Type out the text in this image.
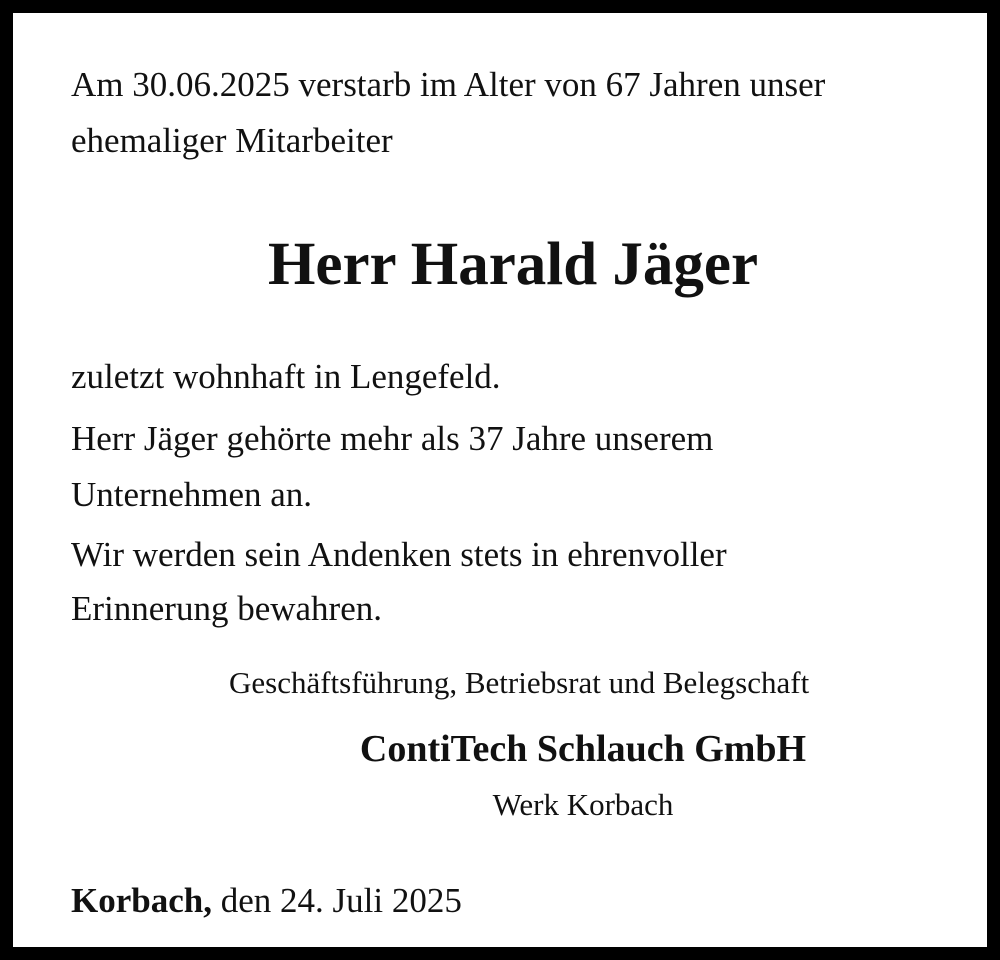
Am 30.06.2025 verstarb im Alter von 67 Jahren unser

ehemaliger Mitarbeiter

Herr Harald Jäger

zuletzt wohnhaft in Lengefeld.

Herr Jäger gehörte mehr als 37 Jahre unserem

Unternehmen an.

Wir werden sein Andenken stets in ehrenvoller

Erinnerung bewahren.

Geschäftsführung, Betriebsrat und Belegschaft

ContiTech Schlauch GmbH

Werk Korbach

Korbach, den 24. Juli 2025
